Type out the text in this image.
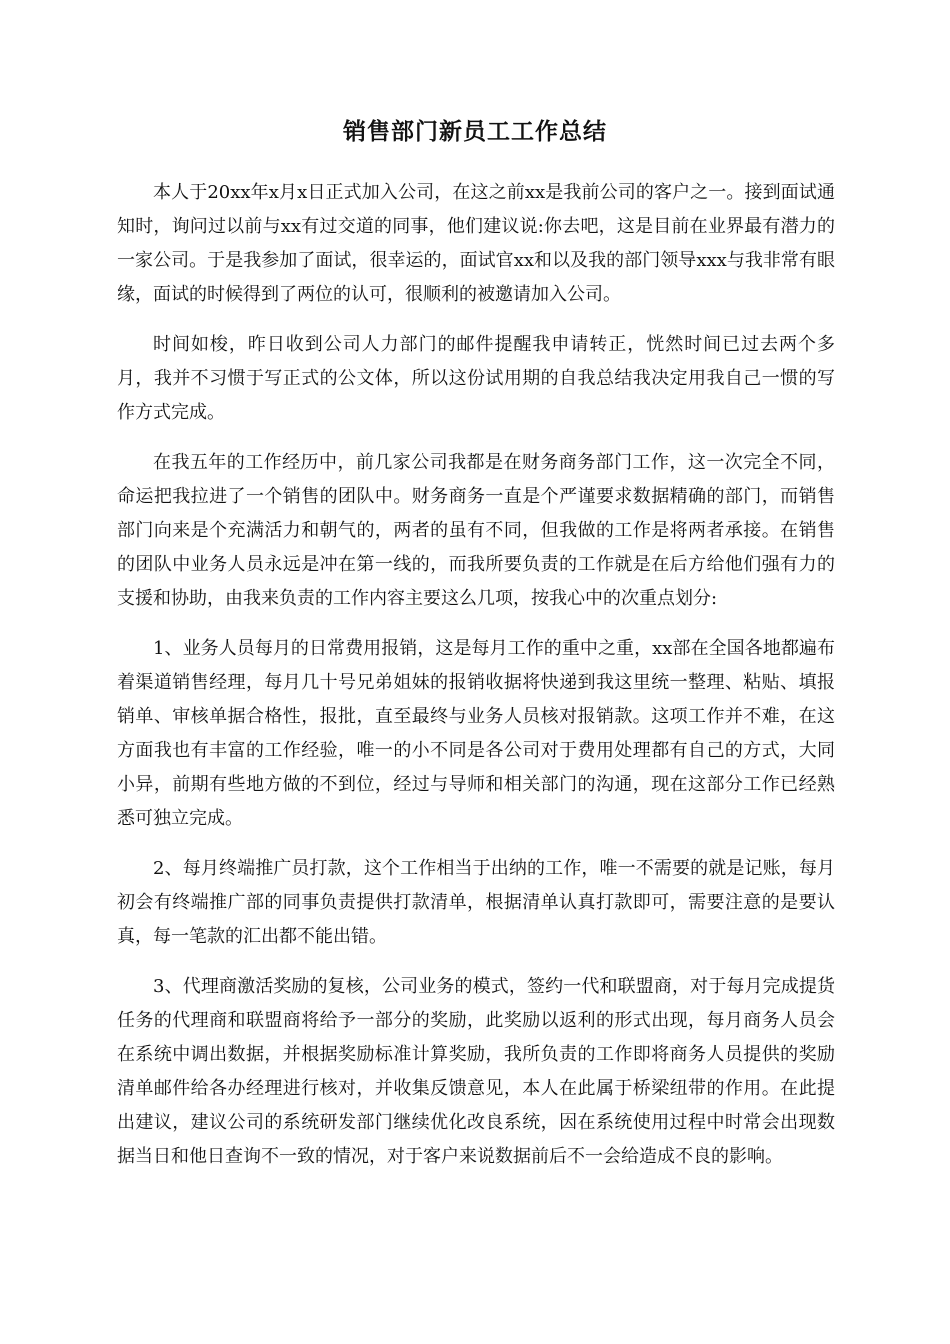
销售部门新员工工作总结

本人于20xx年x月x日正式加入公司，在这之前xx是我前公司的客户之一。接到面试通知时，询问过以前与xx有过交道的同事，他们建议说:你去吧，这是目前在业界最有潜力的一家公司。于是我参加了面试，很幸运的，面试官xx和以及我的部门领导xxx与我非常有眼缘，面试的时候得到了两位的认可，很顺利的被邀请加入公司。

时间如梭，昨日收到公司人力部门的邮件提醒我申请转正，恍然时间已过去两个多月，我并不习惯于写正式的公文体，所以这份试用期的自我总结我决定用我自己一惯的写作方式完成。

在我五年的工作经历中，前几家公司我都是在财务商务部门工作，这一次完全不同，命运把我拉进了一个销售的团队中。财务商务一直是个严谨要求数据精确的部门，而销售部门向来是个充满活力和朝气的，两者的虽有不同，但我做的工作是将两者承接。在销售的团队中业务人员永远是冲在第一线的，而我所要负责的工作就是在后方给他们强有力的支援和协助，由我来负责的工作内容主要这么几项，按我心中的次重点划分:

1、业务人员每月的日常费用报销，这是每月工作的重中之重，xx部在全国各地都遍布着渠道销售经理，每月几十号兄弟姐妹的报销收据将快递到我这里统一整理、粘贴、填报销单、审核单据合格性，报批，直至最终与业务人员核对报销款。这项工作并不难，在这方面我也有丰富的工作经验，唯一的小不同是各公司对于费用处理都有自己的方式，大同小异，前期有些地方做的不到位，经过与导师和相关部门的沟通，现在这部分工作已经熟悉可独立完成。

2、每月终端推广员打款，这个工作相当于出纳的工作，唯一不需要的就是记账，每月初会有终端推广部的同事负责提供打款清单，根据清单认真打款即可，需要注意的是要认真，每一笔款的汇出都不能出错。

3、代理商激活奖励的复核，公司业务的模式，签约一代和联盟商，对于每月完成提货任务的代理商和联盟商将给予一部分的奖励，此奖励以返利的形式出现，每月商务人员会在系统中调出数据，并根据奖励标准计算奖励，我所负责的工作即将商务人员提供的奖励清单邮件给各办经理进行核对，并收集反馈意见，本人在此属于桥梁纽带的作用。在此提出建议，建议公司的系统研发部门继续优化改良系统，因在系统使用过程中时常会出现数据当日和他日查询不一致的情况，对于客户来说数据前后不一会给造成不良的影响。
